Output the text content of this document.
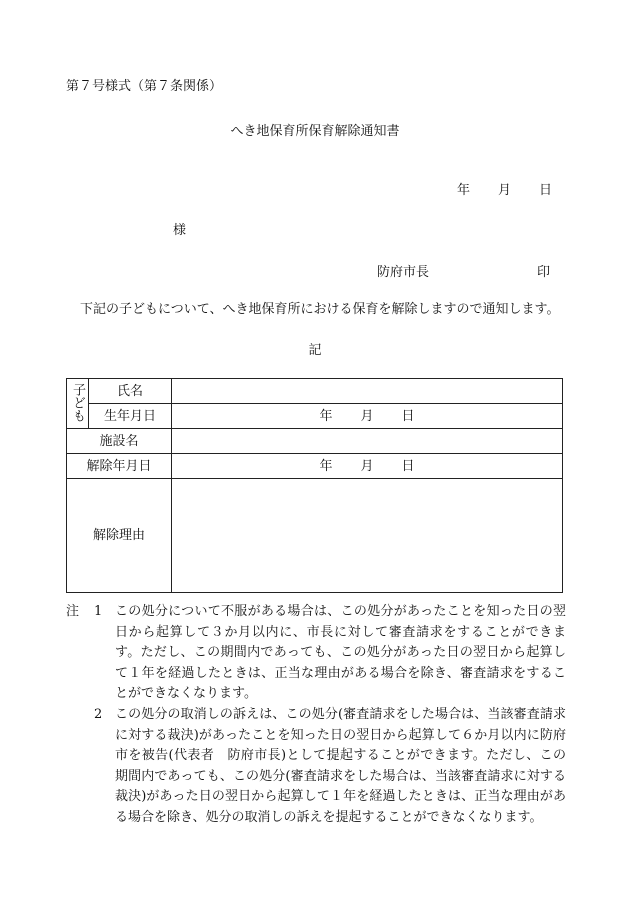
第７号様式（第７条関係）
へき地保育所保育解除通知書
年 月 日
様
防府市長	印
下記の子どもについて、へき地保育所における保育を解除しますので通知します。
記
子ども	氏名	
	生年月日	年 月 日
施設名		
解除年月日		年 月 日
解除理由		
注 1 この処分について不服がある場合は、この処分があったことを知った日の翌日から起算して３か月以内に、市長に対して審査請求をすることができます。ただし、この期間内であっても、この処分があった日の翌日から起算して１年を経過したときは、正当な理由がある場合を除き、審査請求をすることができなくなります。
2 この処分の取消しの訴えは、この処分(審査請求をした場合は、当該審査請求に対する裁決)があったことを知った日の翌日から起算して６か月以内に防府市を被告(代表者　防府市長)として提起することができます。ただし、この期間内であっても、この処分(審査請求をした場合は、当該審査請求に対する裁決)があった日の翌日から起算して１年を経過したときは、正当な理由がある場合を除き、処分の取消しの訴えを提起することができなくなります。
